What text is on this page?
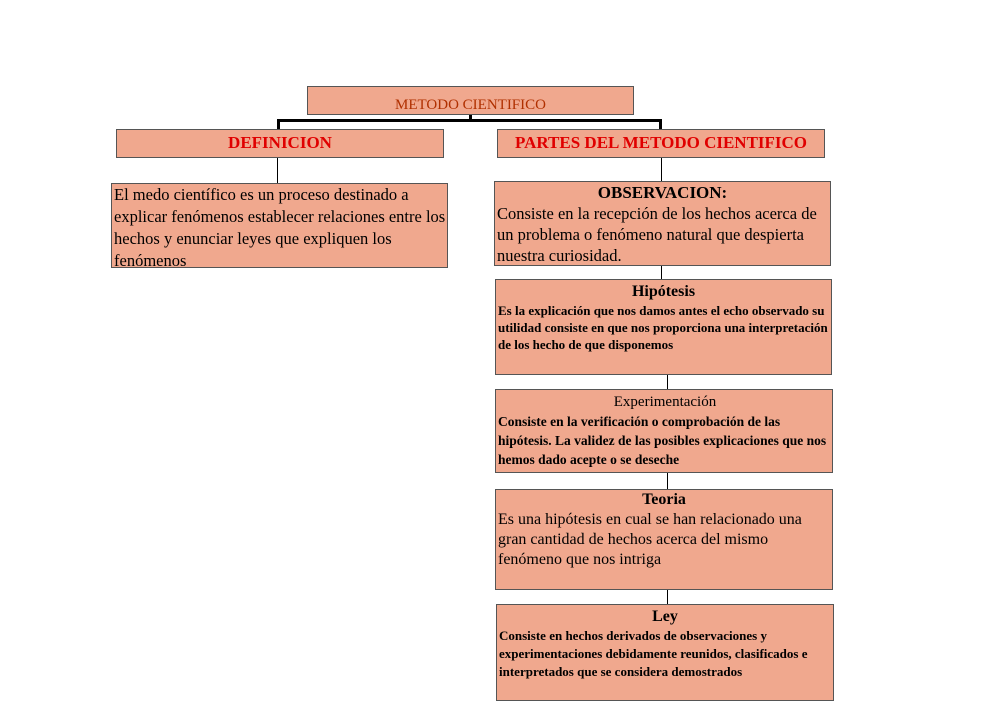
METODO CIENTIFICO
DEFINICION
El medo científico es un proceso destinado a explicar fenómenos establecer relaciones entre los hechos y enunciar leyes que expliquen los fenómenos
PARTES DEL METODO CIENTIFICO
OBSERVACION:
Consiste en la recepción de los hechos acerca de un problema o fenómeno natural que despierta nuestra curiosidad.
Hipótesis
Es la explicación que nos damos antes el echo observado su utilidad consiste en que nos proporciona una interpretación de los hecho de que disponemos
Experimentación
Consiste en la verificación o comprobación de las hipótesis. La validez de las posibles explicaciones que nos hemos dado acepte o se deseche
Teoria
Es una hipótesis en cual se han relacionado una gran cantidad de hechos acerca del mismo fenómeno que nos intriga
Ley
Consiste en hechos derivados de observaciones y experimentaciones debidamente reunidos, clasificados e interpretados que se considera demostrados
